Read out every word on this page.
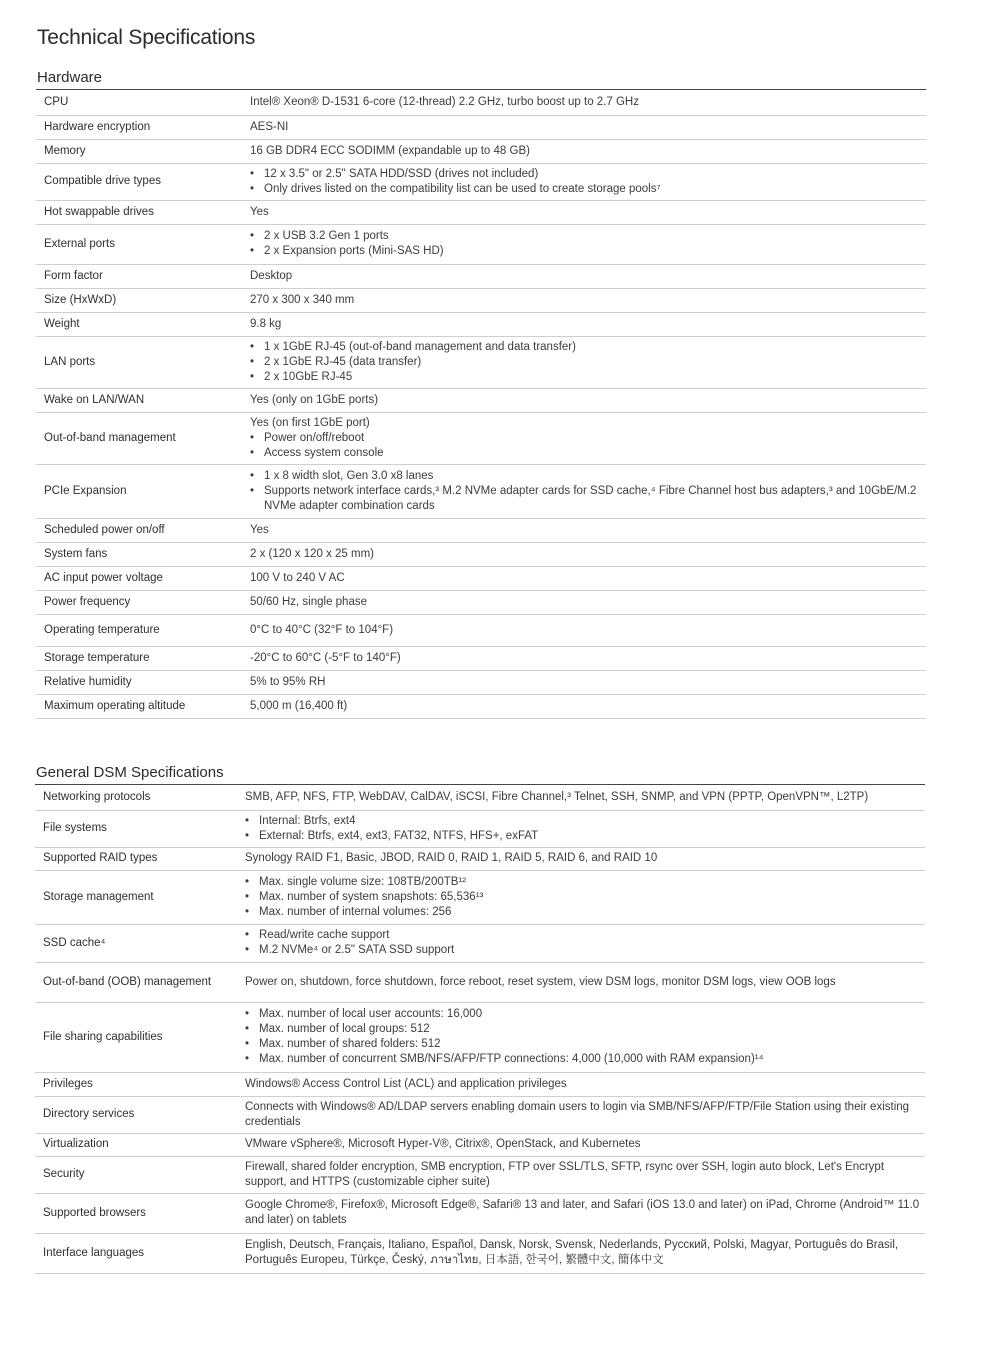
Technical Specifications
Hardware
CPU	Intel® Xeon® D-1531 6-core (12-thread) 2.2 GHz, turbo boost up to 2.7 GHz

Hardware encryption	AES-NI

Memory	16 GB DDR4 ECC SODIMM (expandable up to 48 GB)

Compatible drive types	• 12 x 3.5" or 2.5" SATA HDD/SSD (drives not included)
• Only drives listed on the compatibility list can be used to create storage pools⁷

Hot swappable drives	Yes

External ports	• 2 x USB 3.2 Gen 1 ports
• 2 x Expansion ports (Mini-SAS HD)

Form factor	Desktop

Size (HxWxD)	270 x 300 x 340 mm

Weight	9.8 kg

LAN ports	• 1 x 1GbE RJ-45 (out-of-band management and data transfer)
• 2 x 1GbE RJ-45 (data transfer)
• 2 x 10GbE RJ-45

Wake on LAN/WAN	Yes (only on 1GbE ports)

Out-of-band management	Yes (on first 1GbE port)
• Power on/off/reboot
• Access system console

PCIe Expansion	• 1 x 8 width slot, Gen 3.0 x8 lanes
• Supports network interface cards,³ M.2 NVMe adapter cards for SSD cache,⁴ Fibre Channel host bus adapters,³ and 10GbE/M.2 NVMe adapter combination cards

Scheduled power on/off	Yes

System fans	2 x (120 x 120 x 25 mm)

AC input power voltage	100 V to 240 V AC

Power frequency	50/60 Hz, single phase

Operating temperature	0°C to 40°C (32°F to 104°F)

Storage temperature	-20°C to 60°C (-5°F to 140°F)

Relative humidity	5% to 95% RH

Maximum operating altitude	5,000 m (16,400 ft)
General DSM Specifications
Networking protocols	SMB, AFP, NFS, FTP, WebDAV, CalDAV, iSCSI, Fibre Channel,³ Telnet, SSH, SNMP, and VPN (PPTP, OpenVPN™, L2TP)

File systems	• Internal: Btrfs, ext4
• External: Btrfs, ext4, ext3, FAT32, NTFS, HFS+, exFAT

Supported RAID types	Synology RAID F1, Basic, JBOD, RAID 0, RAID 1, RAID 5, RAID 6, and RAID 10

Storage management	• Max. single volume size: 108TB/200TB¹²
• Max. number of system snapshots: 65,536¹³
• Max. number of internal volumes: 256

SSD cache⁴	• Read/write cache support
• M.2 NVMe⁴ or 2.5" SATA SSD support

Out-of-band (OOB) management	Power on, shutdown, force shutdown, force reboot, reset system, view DSM logs, monitor DSM logs, view OOB logs

File sharing capabilities	• Max. number of local user accounts: 16,000
• Max. number of local groups: 512
• Max. number of shared folders: 512
• Max. number of concurrent SMB/NFS/AFP/FTP connections: 4,000 (10,000 with RAM expansion)¹⁴

Privileges	Windows® Access Control List (ACL) and application privileges

Directory services	Connects with Windows® AD/LDAP servers enabling domain users to login via SMB/NFS/AFP/FTP/File Station using their existing credentials

Virtualization	VMware vSphere®, Microsoft Hyper-V®, Citrix®, OpenStack, and Kubernetes

Security	Firewall, shared folder encryption, SMB encryption, FTP over SSL/TLS, SFTP, rsync over SSH, login auto block, Let's Encrypt support, and HTTPS (customizable cipher suite)

Supported browsers	Google Chrome®, Firefox®, Microsoft Edge®, Safari® 13 and later, and Safari (iOS 13.0 and later) on iPad, Chrome (Android™ 11.0 and later) on tablets

Interface languages	English, Deutsch, Français, Italiano, Español, Dansk, Norsk, Svensk, Nederlands, Русский, Polski, Magyar, Português do Brasil, Português Europeu, Türkçe, Český, ภาษาไทย, 日本語, 한국어, 繁體中文, 簡体中文
